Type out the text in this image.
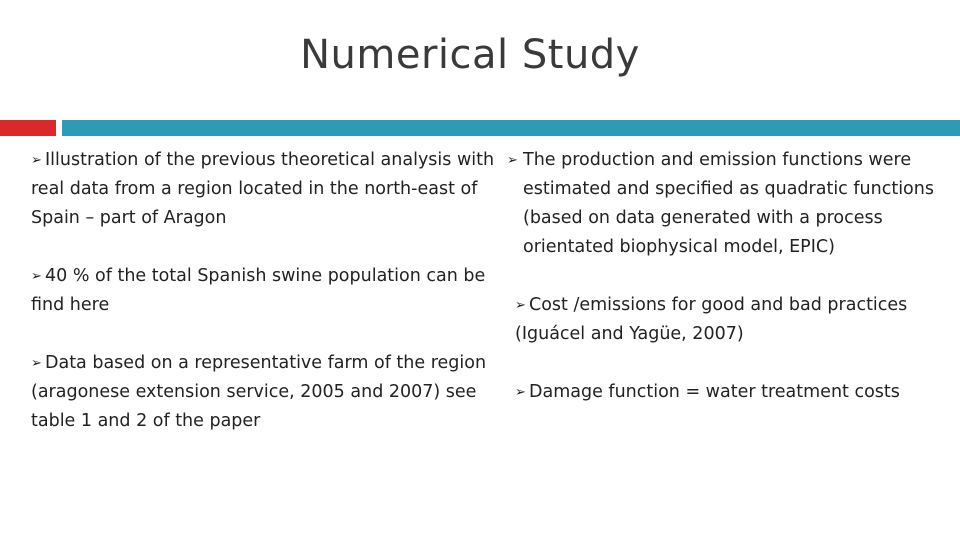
Numerical Study

➢ Illustration of the previous theoretical analysis with real data from a region located in the north-east of Spain – part of Aragon

➢ 40 % of the total Spanish swine population can be find here

➢ Data based on a representative farm of the region (aragonese extension service, 2005 and 2007) see table 1 and 2 of the paper

➢ The production and emission functions were estimated and specified as quadratic functions (based on data generated with a process orientated biophysical model, EPIC)

➢ Cost /emissions for good and bad practices (Iguácel and Yagüe, 2007)

➢ Damage function = water treatment costs
